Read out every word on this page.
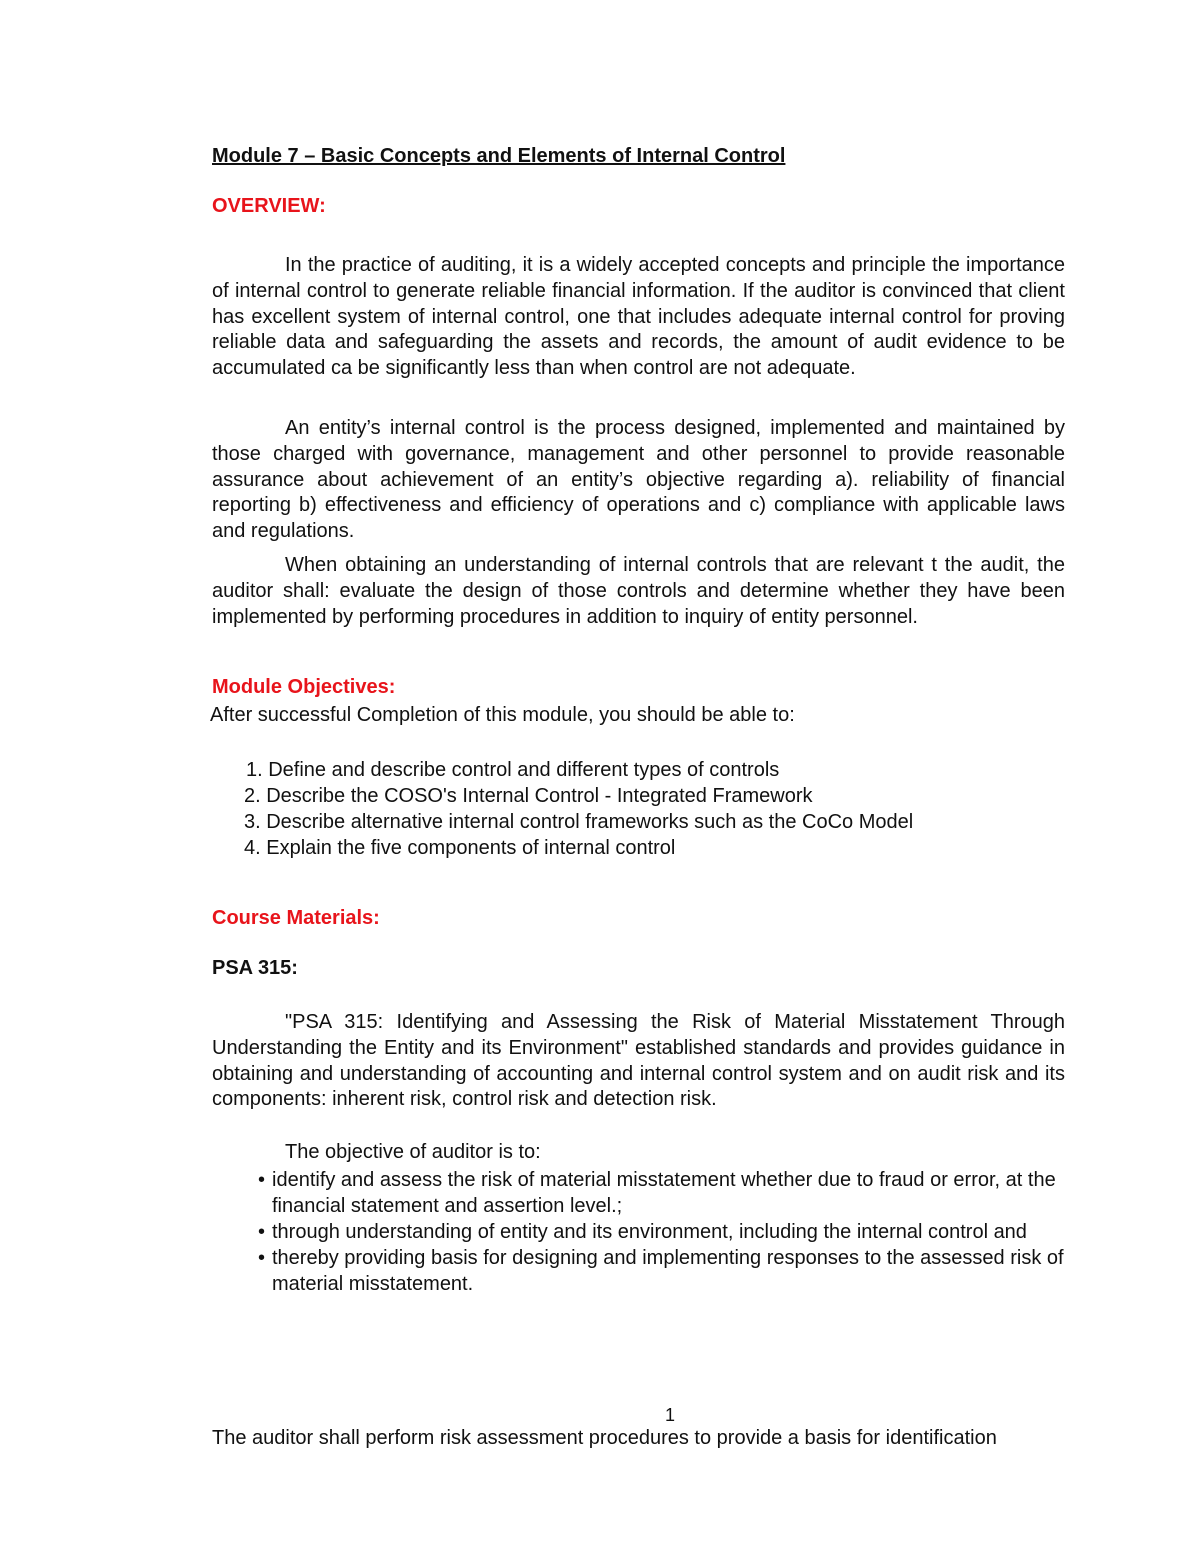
Module 7 – Basic Concepts and Elements of Internal Control
OVERVIEW:
In the practice of auditing, it is a widely accepted concepts and principle the importance of internal control to generate reliable financial information. If the auditor is convinced that client has excellent system of internal control, one that includes adequate internal control for proving reliable data and safeguarding the assets and records, the amount of audit evidence to be accumulated ca be significantly less than when control are not adequate.
An entity’s internal control is the process designed, implemented and maintained by those charged with governance, management and other personnel to provide reasonable assurance about achievement of an entity’s objective regarding a). reliability of financial reporting b) effectiveness and efficiency of operations and c) compliance with applicable laws and regulations.
When obtaining an understanding of internal controls that are relevant t the audit, the auditor shall: evaluate the design of those controls and determine whether they have been implemented by performing procedures in addition to inquiry of entity personnel.
Module Objectives:
After successful Completion of this module, you should be able to:
1. Define and describe control and different types of controls
2. Describe the COSO's Internal Control - Integrated Framework
3. Describe alternative internal control frameworks such as the CoCo Model
4. Explain the five components of internal control
Course Materials:
PSA 315:
"PSA 315: Identifying and Assessing the Risk of Material Misstatement Through Understanding the Entity and its Environment" established standards and provides guidance in obtaining and understanding of accounting and internal control system and on audit risk and its components: inherent risk, control risk and detection risk.
The objective of auditor is to:
• identify and assess the risk of material misstatement whether due to fraud or error, at the financial statement and assertion level.;
• through understanding of entity and its environment, including the internal control and
• thereby providing basis for designing and implementing responses to the assessed risk of material misstatement.
1
The auditor shall perform risk assessment procedures to provide a basis for identification
